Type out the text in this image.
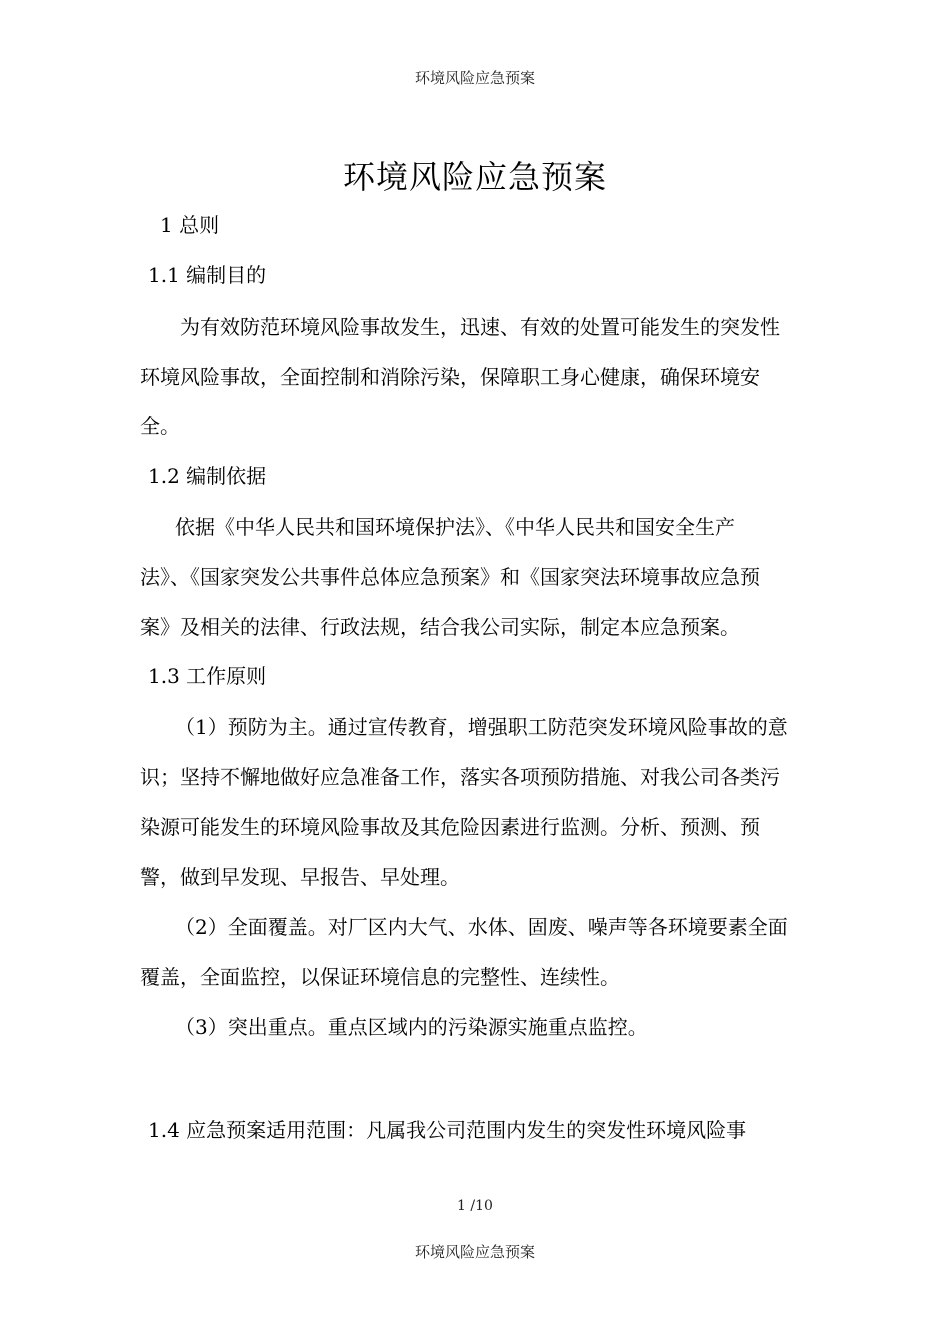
环境风险应急预案
环境风险应急预案
1 总则
1.1 编制目的
为有效防范环境风险事故发生，迅速、有效的处置可能发生的突发性
环境风险事故，全面控制和消除污染，保障职工身心健康，确保环境安
全。
1.2 编制依据
依据《中华人民共和国环境保护法》、《中华人民共和国安全生产
法》、《国家突发公共事件总体应急预案》和《国家突法环境事故应急预
案》及相关的法律、行政法规，结合我公司实际，制定本应急预案。
1.3 工作原则
（1）预防为主。通过宣传教育，增强职工防范突发环境风险事故的意
识；坚持不懈地做好应急准备工作，落实各项预防措施、对我公司各类污
染源可能发生的环境风险事故及其危险因素进行监测。分析、预测、预
警，做到早发现、早报告、早处理。
（2）全面覆盖。对厂区内大气、水体、固废、噪声等各环境要素全面
覆盖，全面监控，以保证环境信息的完整性、连续性。
（3）突出重点。重点区域内的污染源实施重点监控。
1.4 应急预案适用范围：凡属我公司范围内发生的突发性环境风险事
1 /10
环境风险应急预案
